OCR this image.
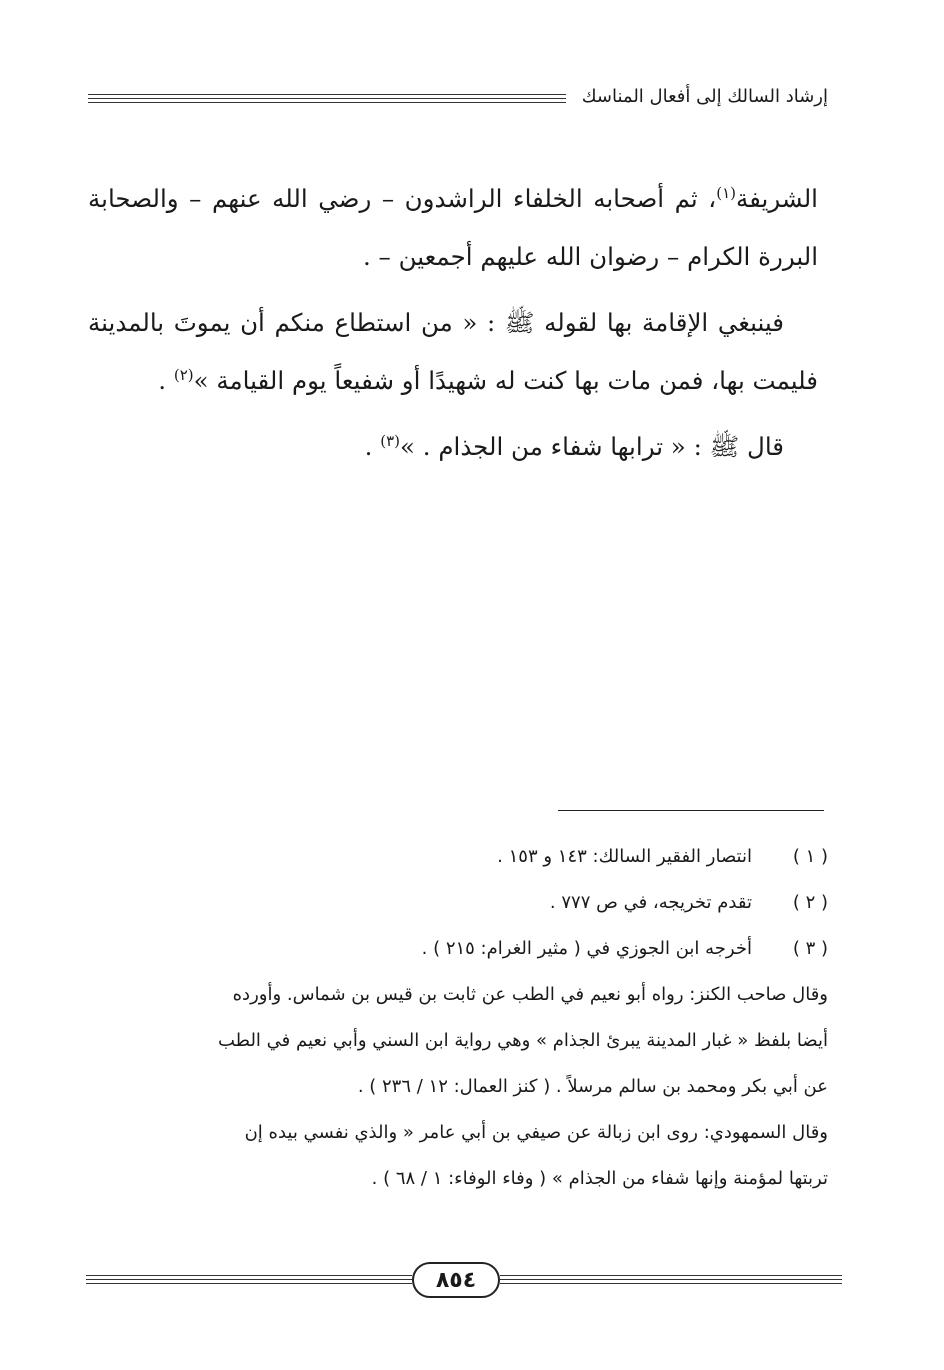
إرشاد السالك إلى أفعال المناسك

الشريفة$^{(١)}$، ثم أصحابه الخلفاء الراشدون – رضي الله عنهم – والصحابة البررة الكرام – رضوان الله عليهم أجمعين – .

فينبغي الإقامة بها لقوله ﷺ : « من استطاع منكم أن يموتَ بالمدينة فليمت بها، فمن مات بها كنت له شهيدًا أو شفيعاً يوم القيامة »$^{(٢)}$ .

قال ﷺ : « ترابها شفاء من الجذام . »$^{(٣)}$ .

( ١ )
انتصار الفقير السالك: ١٤٣ و ١٥٣ .
( ٢ )
تقدم تخريجه، في ص ٧٧٧ .
( ٣ )
أخرجه ابن الجوزي في ( مثير الغرام: ٢١٥ ) .
وقال صاحب الكنز: رواه أبو نعيم في الطب عن ثابت بن قيس بن شماس. وأورده
أيضا بلفظ « غبار المدينة يبرئ الجذام » وهي رواية ابن السني وأبي نعيم في الطب
عن أبي بكر ومحمد بن سالم مرسلاً . ( كنز العمال: ١٢ / ٢٣٦ ) .
وقال السمهودي: روى ابن زبالة عن صيفي بن أبي عامر « والذي نفسي بيده إن
تربتها لمؤمنة وإنها شفاء من الجذام » ( وفاء الوفاء: ١ / ٦٨ ) .
٨٥٤
